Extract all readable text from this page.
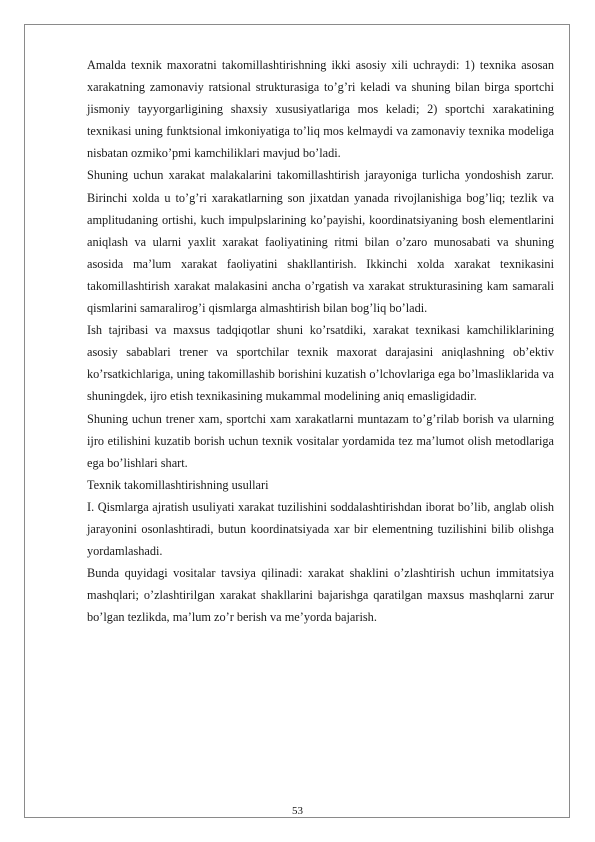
Amalda texnik maxoratni takomillashtirishning ikki asosiy xili uchraydi: 1) texnika asosan xarakatning zamonaviy ratsional strukturasiga to’g’ri keladi va shuning bilan birga sportchi jismoniy tayyorgarligining shaxsiy xususiyatlariga mos keladi; 2) sportchi xarakatining texnikasi uning funktsional imkoniyatiga to’liq mos kelmaydi va zamonaviy texnika modeliga nisbatan ozmiko’pmi kamchiliklari mavjud bo’ladi.

Shuning uchun xarakat malakalarini takomillashtirish jarayoniga turlicha yondoshish zarur. Birinchi xolda u to’g’ri xarakatlarning son jixatdan yanada rivojlanishiga bog’liq; tezlik va amplitudaning ortishi, kuch impulpslarining ko’payishi, koordinatsiyaning bosh elementlarini aniqlash va ularni yaxlit xarakat faoliyatining ritmi bilan o’zaro munosabati va shuning asosida ma’lum xarakat faoliyatini shakllantirish. Ikkinchi xolda xarakat texnikasini takomillashtirish xarakat malakasini ancha o’rgatish va xarakat strukturasining kam samarali qismlarini samaralirog’i qismlarga almashtirish bilan bog’liq bo’ladi.

Ish tajribasi va maxsus tadqiqotlar shuni ko’rsatdiki, xarakat texnikasi kamchiliklarining asosiy sabablari trener va sportchilar texnik maxorat darajasini aniqlashning ob’ektiv ko’rsatkichlariga, uning takomillashib borishini kuzatish o’lchovlariga ega bo’lmasliklarida va shuningdek, ijro etish texnikasining mukammal modelining aniq emasligidadir.

Shuning uchun trener xam, sportchi xam xarakatlarni muntazam to’g’rilab borish va ularning ijro etilishini kuzatib borish uchun texnik vositalar yordamida tez ma’lumot olish metodlariga ega bo’lishlari shart.

Texnik takomillashtirishning usullari

I. Qismlarga ajratish usuliyati xarakat tuzilishini soddalashtirishdan iborat bo’lib, anglab olish jarayonini osonlashtiradi, butun koordinatsiyada xar bir elementning tuzilishini bilib olishga yordamlashadi.

Bunda quyidagi vositalar tavsiya qilinadi: xarakat shaklini o’zlashtirish uchun immitatsiya mashqlari; o’zlashtirilgan xarakat shakllarini bajarishga qaratilgan maxsus mashqlarni zarur bo’lgan tezlikda, ma’lum zo’r berish va me’yorda bajarish.

53
